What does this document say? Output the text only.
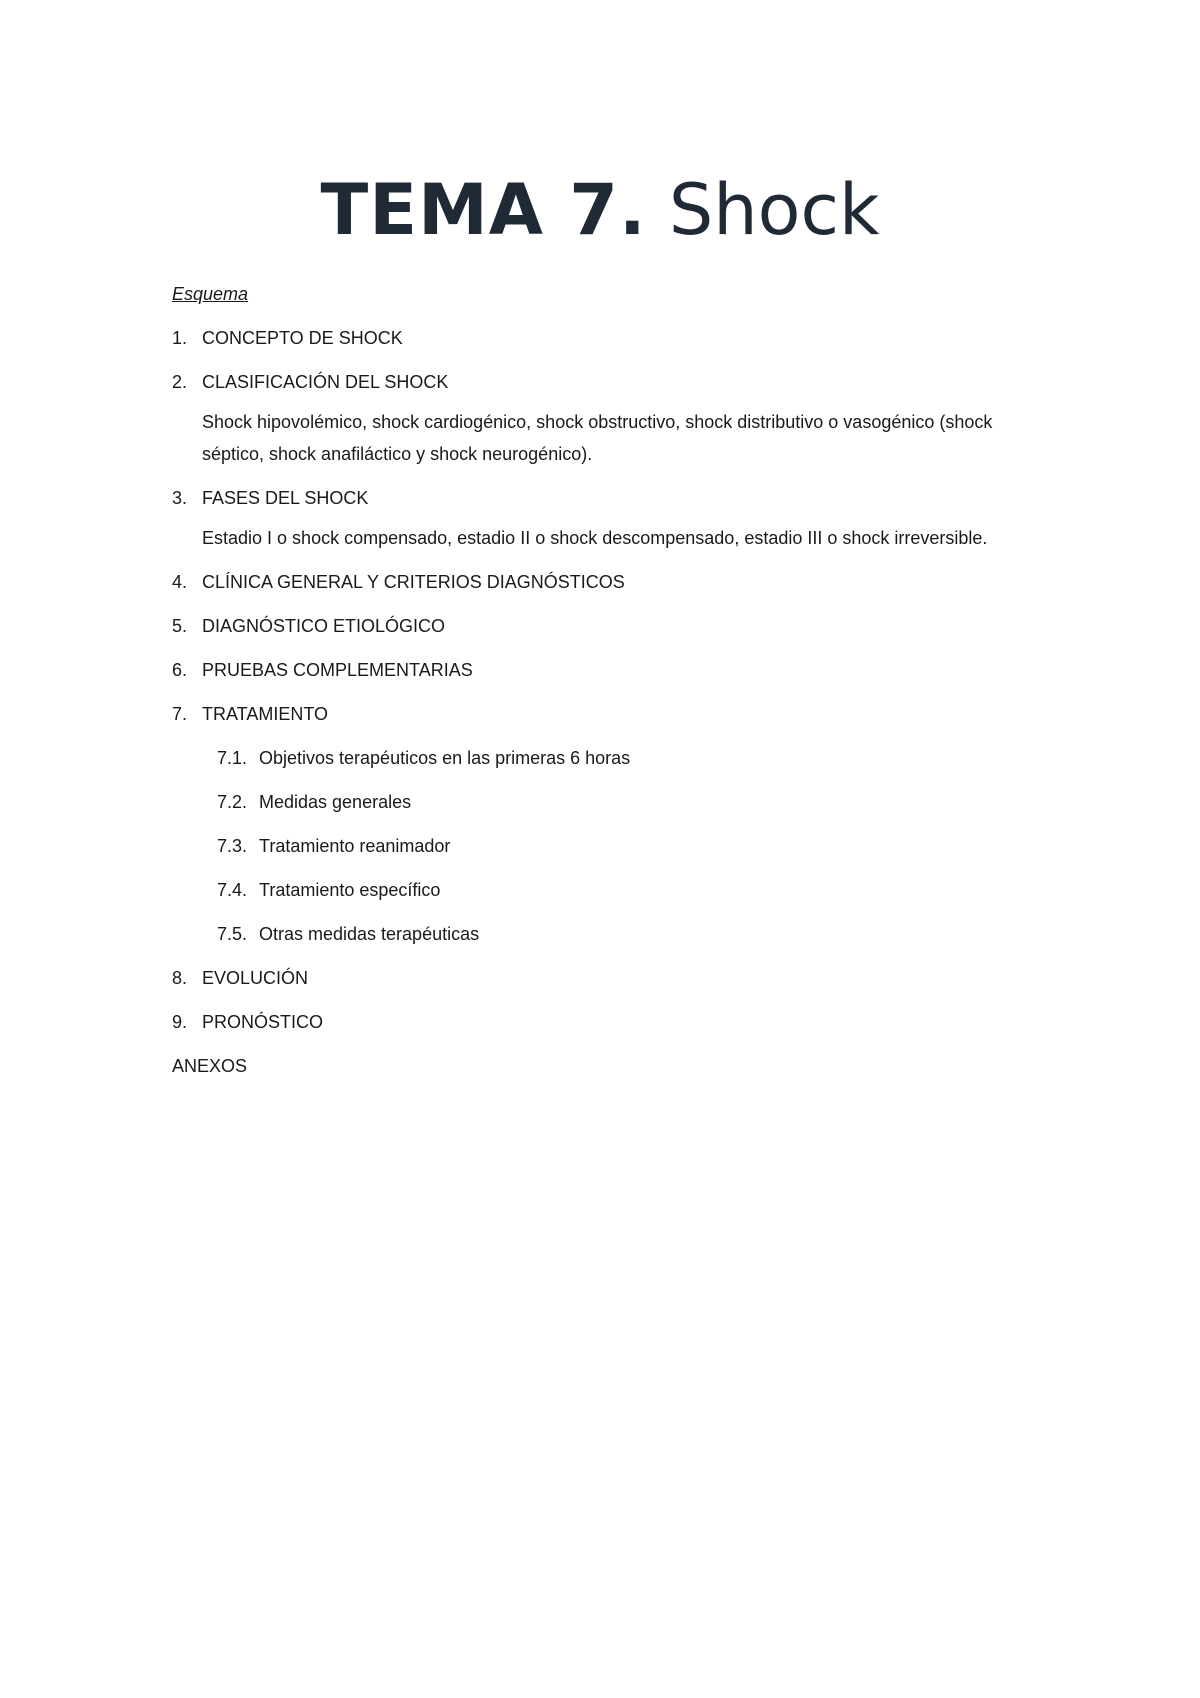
TEMA 7. Shock
Esquema
1. CONCEPTO DE SHOCK
2. CLASIFICACIÓN DEL SHOCK
Shock hipovolémico, shock cardiogénico, shock obstructivo, shock distributivo o vasogénico (shock séptico, shock anafiláctico y shock neurogénico).
3. FASES DEL SHOCK
Estadio I o shock compensado, estadio II o shock descompensado, estadio III o shock irreversible.
4. CLÍNICA GENERAL Y CRITERIOS DIAGNÓSTICOS
5. DIAGNÓSTICO ETIOLÓGICO
6. PRUEBAS COMPLEMENTARIAS
7. TRATAMIENTO
7.1. Objetivos terapéuticos en las primeras 6 horas
7.2. Medidas generales
7.3. Tratamiento reanimador
7.4. Tratamiento específico
7.5. Otras medidas terapéuticas
8. EVOLUCIÓN
9. PRONÓSTICO
ANEXOS
